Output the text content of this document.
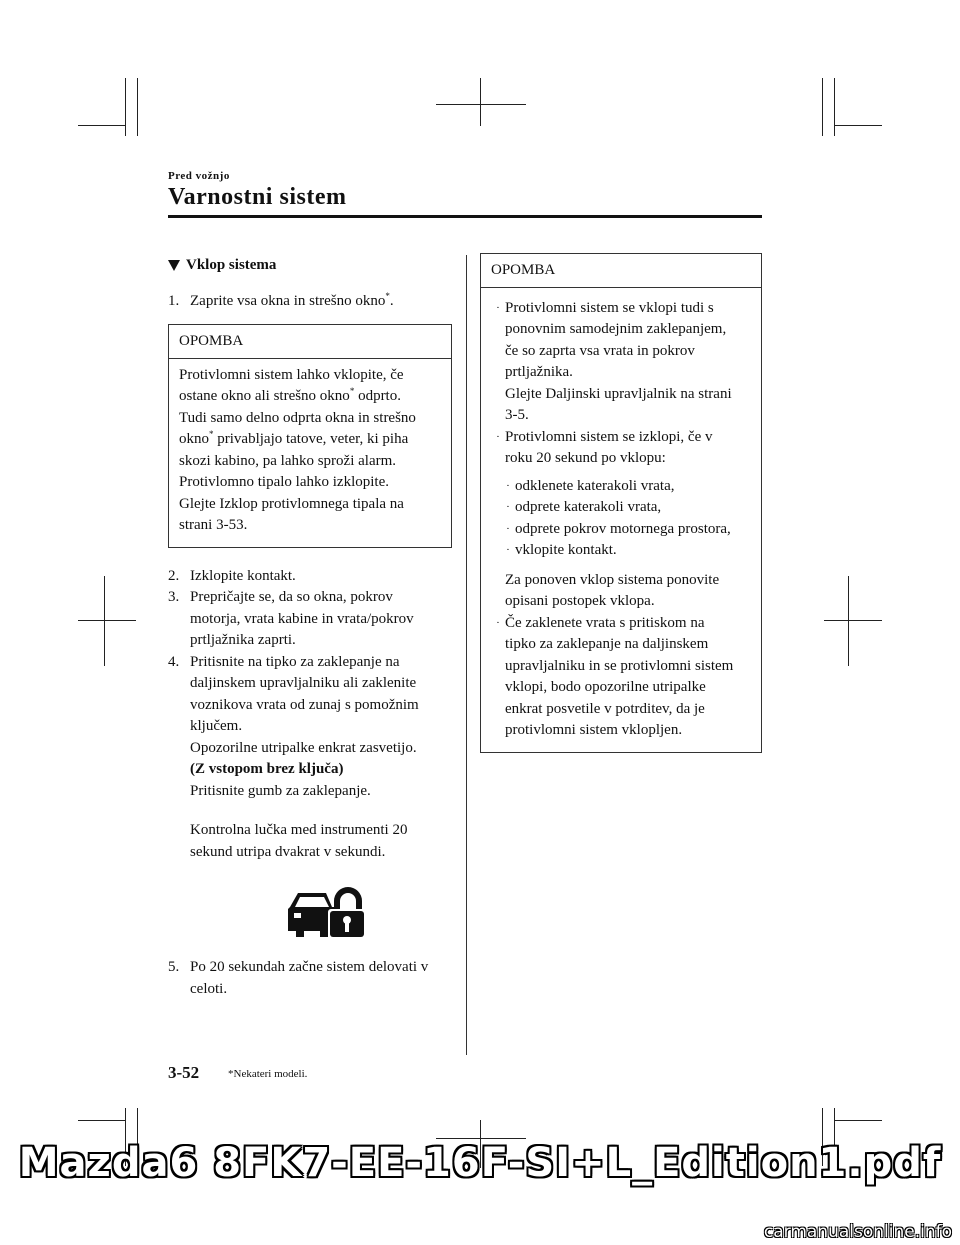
Pred vožnjo
Varnostni sistem
Vklop sistema
1. Zaprite vsa okna in strešno okno*.
OPOMBA
Protivlomni sistem lahko vklopite, če
ostane okno ali strešno okno* odprto.
Tudi samo delno odprta okna in strešno
okno* privabljajo tatove, veter, ki piha
skozi kabino, pa lahko sproži alarm.
Protivlomno tipalo lahko izklopite.
Glejte Izklop protivlomnega tipala na
strani 3-53.
2. Izklopite kontakt.
3. Prepričajte se, da so okna, pokrov
motorja, vrata kabine in vrata/pokrov
prtljažnika zaprti.
4. Pritisnite na tipko za zaklepanje na
daljinskem upravljalniku ali zaklenite
voznikova vrata od zunaj s pomožnim
ključem.
Opozorilne utripalke enkrat zasvetijo.
(Z vstopom brez ključa)
Pritisnite gumb za zaklepanje.
Kontrolna lučka med instrumenti 20
sekund utripa dvakrat v sekundi.
5. Po 20 sekundah začne sistem delovati v
celoti.
OPOMBA
· Protivlomni sistem se vklopi tudi s
ponovnim samodejnim zaklepanjem,
če so zaprta vsa vrata in pokrov
prtljažnika.
Glejte Daljinski upravljalnik na strani
3-5.
· Protivlomni sistem se izklopi, če v
roku 20 sekund po vklopu:
· odklenete katerakoli vrata,
· odprete katerakoli vrata,
· odprete pokrov motornega prostora,
· vklopite kontakt.
Za ponoven vklop sistema ponovite
opisani postopek vklopa.
· Če zaklenete vrata s pritiskom na
tipko za zaklepanje na daljinskem
upravljalniku in se protivlomni sistem
vklopi, bodo opozorilne utripalke
enkrat posvetile v potrditev, da je
protivlomni sistem vklopljen.
3-52	*Nekateri modeli.
Mazda6 8FK7-EE-16F-SI+L_Edition1.pdf
carmanualsonline.info
